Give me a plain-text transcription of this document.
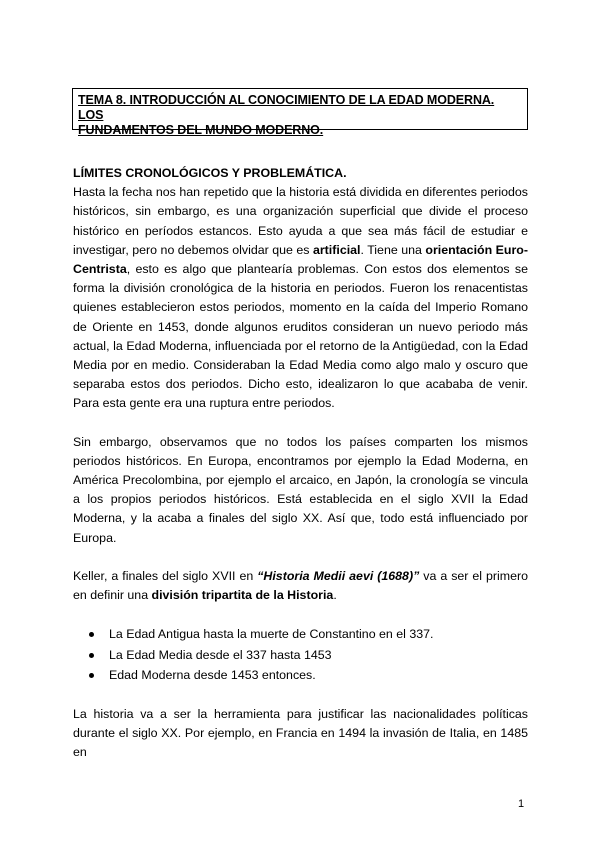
TEMA 8. INTRODUCCIÓN AL CONOCIMIENTO DE LA EDAD MODERNA. LOS
FUNDAMENTOS DEL MUNDO MODERNO.
LÍMITES CRONOLÓGICOS Y PROBLEMÁTICA.

Hasta la fecha nos han repetido que la historia está dividida en diferentes periodos históricos, sin embargo, es una organización superficial que divide el proceso histórico en períodos estancos. Esto ayuda a que sea más fácil de estudiar e investigar, pero no debemos olvidar que es artificial. Tiene una orientación Euro-Centrista, esto es algo que plantearía problemas. Con estos dos elementos se forma la división cronológica de la historia en periodos. Fueron los renacentistas quienes establecieron estos periodos, momento en la caída del Imperio Romano de Oriente en 1453, donde algunos eruditos consideran un nuevo periodo más actual, la Edad Moderna, influenciada por el retorno de la Antigüedad, con la Edad Media por en medio. Consideraban la Edad Media como algo malo y oscuro que separaba estos dos periodos. Dicho esto, idealizaron lo que acababa de venir. Para esta gente era una ruptura entre periodos.

Sin embargo, observamos que no todos los países comparten los mismos periodos históricos. En Europa, encontramos por ejemplo la Edad Moderna, en América Precolombina, por ejemplo el arcaico, en Japón, la cronología se vincula a los propios periodos históricos. Está establecida en el siglo XVII la Edad Moderna, y la acaba a finales del siglo XX. Así que, todo está influenciado por Europa.

Keller, a finales del siglo XVII en “Historia Medii aevi (1688)” va a ser el primero en definir una división tripartita de la Historia.

La Edad Antigua hasta la muerte de Constantino en el 337.
La Edad Media desde el 337 hasta 1453
Edad Moderna desde 1453 entonces.

La historia va a ser la herramienta para justificar las nacionalidades políticas durante el siglo XX. Por ejemplo, en Francia en 1494 la invasión de Italia, en 1485 en

1
